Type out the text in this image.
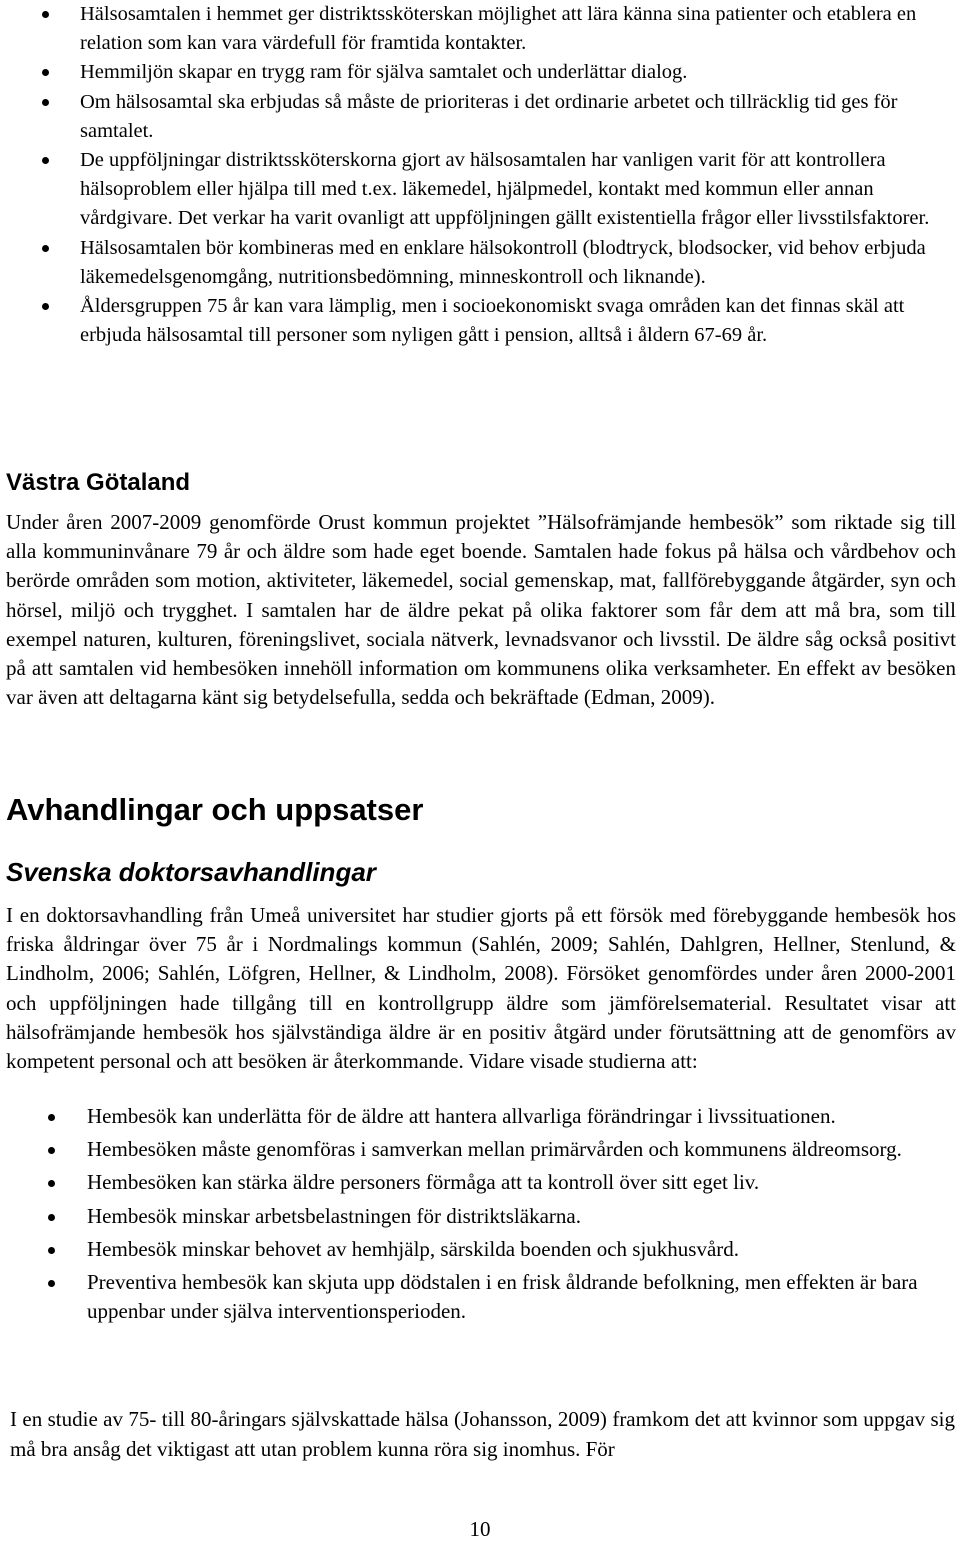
Hälsosamtalen i hemmet ger distriktssköterskan möjlighet att lära känna sina patienter och etablera en relation som kan vara värdefull för framtida kontakter.
Hemmiljön skapar en trygg ram för själva samtalet och underlättar dialog.
Om hälsosamtal ska erbjudas så måste de prioriteras i det ordinarie arbetet och tillräcklig tid ges för samtalet.
De uppföljningar distriktssköterskorna gjort av hälsosamtalen har vanligen varit för att kontrollera hälsoproblem eller hjälpa till med t.ex. läkemedel, hjälpmedel, kontakt med kommun eller annan vårdgivare. Det verkar ha varit ovanligt att uppföljningen gällt existentiella frågor eller livsstilsfaktorer.
Hälsosamtalen bör kombineras med en enklare hälsokontroll (blodtryck, blodsocker, vid behov erbjuda läkemedelsgenomgång, nutritionsbedömning, minneskontroll och liknande).
Åldersgruppen 75 år kan vara lämplig, men i socioekonomiskt svaga områden kan det finnas skäl att erbjuda hälsosamtal till personer som nyligen gått i pension, alltså i åldern 67-69 år.
Västra Götaland

Under åren 2007-2009 genomförde Orust kommun projektet ”Hälsofrämjande hembesök” som riktade sig till alla kommuninvånare 79 år och äldre som hade eget boende. Samtalen hade fokus på hälsa och vårdbehov och berörde områden som motion, aktiviteter, läkemedel, social gemenskap, mat, fallförebyggande åtgärder, syn och hörsel, miljö och trygghet. I samtalen har de äldre pekat på olika faktorer som får dem att må bra, som till exempel naturen, kulturen, föreningslivet, sociala nätverk, levnadsvanor och livsstil. De äldre såg också positivt på att samtalen vid hembesöken innehöll information om kommunens olika verksamheter. En effekt av besöken var även att deltagarna känt sig betydelsefulla, sedda och bekräftade (Edman, 2009).

Avhandlingar och uppsatser
Svenska doktorsavhandlingar

I en doktorsavhandling från Umeå universitet har studier gjorts på ett försök med förebyggande hembesök hos friska åldringar över 75 år i Nordmalings kommun (Sahlén, 2009; Sahlén, Dahlgren, Hellner, Stenlund, & Lindholm, 2006; Sahlén, Löfgren, Hellner, & Lindholm, 2008). Försöket genomfördes under åren 2000-2001 och uppföljningen hade tillgång till en kontrollgrupp äldre som jämförelsematerial. Resultatet visar att hälsofrämjande hembesök hos självständiga äldre är en positiv åtgärd under förutsättning att de genomförs av kompetent personal och att besöken är återkommande. Vidare visade studierna att:

Hembesök kan underlätta för de äldre att hantera allvarliga förändringar i livssituationen.
Hembesöken måste genomföras i samverkan mellan primärvården och kommunens äldreomsorg.
Hembesöken kan stärka äldre personers förmåga att ta kontroll över sitt eget liv.
Hembesök minskar arbetsbelastningen för distriktsläkarna.
Hembesök minskar behovet av hemhjälp, särskilda boenden och sjukhusvård.
Preventiva hembesök kan skjuta upp dödstalen i en frisk åldrande befolkning, men effekten är bara uppenbar under själva interventionsperioden.

I en studie av 75- till 80-åringars självskattade hälsa (Johansson, 2009) framkom det att kvinnor som uppgav sig må bra ansåg det viktigast att utan problem kunna röra sig inomhus. För

10
